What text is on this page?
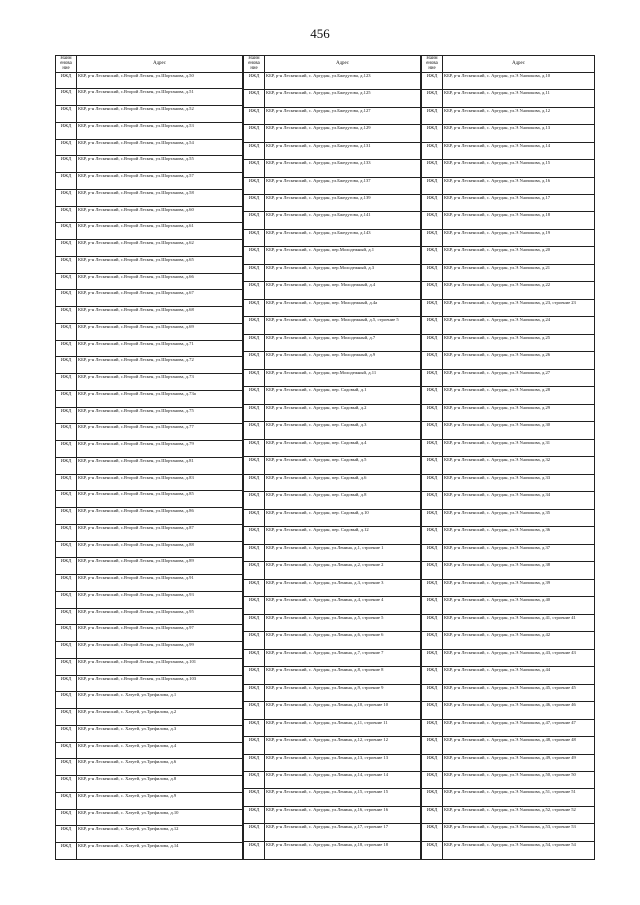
456
Наим енова ние	Адрес
ИЖД	КБР, р-н Лескенский, с.Второй Лескен, ул.Шортанова, д.50
ИЖД	КБР, р-н Лескенский, с.Второй Лескен, ул.Шортанова, д.51
ИЖД	КБР, р-н Лескенский, с.Второй Лескен, ул.Шортанова, д.52
ИЖД	КБР, р-н Лескенский, с.Второй Лескен, ул.Шортанова, д.53
ИЖД	КБР, р-н Лескенский, с.Второй Лескен, ул.Шортанова, д.54
ИЖД	КБР, р-н Лескенский, с.Второй Лескен, ул.Шортанова, д.55
ИЖД	КБР, р-н Лескенский, с.Второй Лескен, ул.Шортанова, д.57
ИЖД	КБР, р-н Лескенский, с.Второй Лескен, ул.Шортанова, д.58
ИЖД	КБР, р-н Лескенский, с.Второй Лескен, ул.Шортанова, д.60
ИЖД	КБР, р-н Лескенский, с.Второй Лескен, ул.Шортанова, д.61
ИЖД	КБР, р-н Лескенский, с.Второй Лескен, ул.Шортанова, д.62
ИЖД	КБР, р-н Лескенский, с.Второй Лескен, ул.Шортанова, д.65
ИЖД	КБР, р-н Лескенский, с.Второй Лескен, ул.Шортанова, д.66
ИЖД	КБР, р-н Лескенский, с.Второй Лескен, ул.Шортанова, д.67
ИЖД	КБР, р-н Лескенский, с.Второй Лескен, ул.Шортанова, д.68
ИЖД	КБР, р-н Лескенский, с.Второй Лескен, ул.Шортанова, д.69
ИЖД	КБР, р-н Лескенский, с.Второй Лескен, ул.Шортанова, д.71
ИЖД	КБР, р-н Лескенский, с.Второй Лескен, ул.Шортанова, д.72
ИЖД	КБР, р-н Лескенский, с.Второй Лескен, ул.Шортанова, д.73
ИЖД	КБР, р-н Лескенский, с.Второй Лескен, ул.Шортанова, д.73а
ИЖД	КБР, р-н Лескенский, с.Второй Лескен, ул.Шортанова, д.75
ИЖД	КБР, р-н Лескенский, с.Второй Лескен, ул.Шортанова, д.77
ИЖД	КБР, р-н Лескенский, с.Второй Лескен, ул.Шортанова, д.79
ИЖД	КБР, р-н Лескенский, с.Второй Лескен, ул.Шортанова, д.81
ИЖД	КБР, р-н Лескенский, с.Второй Лескен, ул.Шортанова, д.83
ИЖД	КБР, р-н Лескенский, с.Второй Лескен, ул.Шортанова, д.85
ИЖД	КБР, р-н Лескенский, с.Второй Лескен, ул.Шортанова, д.86
ИЖД	КБР, р-н Лескенский, с.Второй Лескен, ул.Шортанова, д.87
ИЖД	КБР, р-н Лескенский, с.Второй Лескен, ул.Шортанова, д.88
ИЖД	КБР, р-н Лескенский, с.Второй Лескен, ул.Шортанова, д.89
ИЖД	КБР, р-н Лескенский, с.Второй Лескен, ул.Шортанова, д.91
ИЖД	КБР, р-н Лескенский, с.Второй Лескен, ул.Шортанова, д.93
ИЖД	КБР, р-н Лескенский, с.Второй Лескен, ул.Шортанова, д.95
ИЖД	КБР, р-н Лескенский, с.Второй Лескен, ул.Шортанова, д.97
ИЖД	КБР, р-н Лескенский, с.Второй Лескен, ул.Шортанова, д.99
ИЖД	КБР, р-н Лескенский, с.Второй Лескен, ул.Шортанова, д.101
ИЖД	КБР, р-н Лескенский, с.Второй Лескен, ул.Шортанова, д.103
ИЖД	КБР, р-н Лескенский, с. Хатуей, ул.Трефилова, д.1
ИЖД	КБР, р-н Лескенский, с. Хатуей, ул.Трефилова, д.2
ИЖД	КБР, р-н Лескенский, с. Хатуей, ул.Трефилова, д.3
ИЖД	КБР, р-н Лескенский, с. Хатуей, ул.Трефилова, д.4
ИЖД	КБР, р-н Лескенский, с. Хатуей, ул.Трефилова, д.6
ИЖД	КБР, р-н Лескенский, с. Хатуей, ул.Трефилова, д.8
ИЖД	КБР, р-н Лескенский, с. Хатуей, ул.Трефилова, д.9
ИЖД	КБР, р-н Лескенский, с. Хатуей, ул.Трефилова, д.10
ИЖД	КБР, р-н Лескенский, с. Хатуей, ул.Трефилова, д.12
ИЖД	КБР, р-н Лескенский, с. Хатуей, ул.Трефилова, д.14
Наим енова ние	Адрес
ИЖД	КБР, р-н Лескенский, с. Аргудан, ул.Бжедугова, д.123
ИЖД	КБР, р-н Лескенский, с. Аргудан, ул.Бжедугова, д.125
ИЖД	КБР, р-н Лескенский, с. Аргудан, ул.Бжедугова, д.127
ИЖД	КБР, р-н Лескенский, с. Аргудан, ул.Бжедугова, д.129
ИЖД	КБР, р-н Лескенский, с. Аргудан, ул.Бжедугова, д.131
ИЖД	КБР, р-н Лескенский, с. Аргудан, ул.Бжедугова, д.133
ИЖД	КБР, р-н Лескенский, с. Аргудан, ул.Бжедугова, д.137
ИЖД	КБР, р-н Лескенский, с. Аргудан, ул.Бжедугова, д.139
ИЖД	КБР, р-н Лескенский, с. Аргудан, ул.Бжедугова, д.141
ИЖД	КБР, р-н Лескенский, с. Аргудан, ул.Бжедугова, д.143
ИЖД	КБР, р-н Лескенский, с. Аргудан, пер.Молодежный, д.1
ИЖД	КБР, р-н Лескенский, с. Аргудан, пер.Молодежный, д.3
ИЖД	КБР, р-н Лескенский, с. Аргудан, пер. Молодежный, д.4
ИЖД	КБР, р-н Лескенский, с. Аргудан, пер. Молодежный, д.4а
ИЖД	КБР, р-н Лескенский, с. Аргудан, пер. Молодежный, д.5, строение 5
ИЖД	КБР, р-н Лескенский, с. Аргудан, пер. Молодежный, д.7
ИЖД	КБР, р-н Лескенский, с. Аргудан, пер. Молодежный, д.9
ИЖД	КБР, р-н Лескенский, с. Аргудан, пер.Молодежный, д.11
ИЖД	КБР, р-н Лескенский, с. Аргудан, пер. Садовый, д.1
ИЖД	КБР, р-н Лескенский, с. Аргудан, пер. Садовый, д.2
ИЖД	КБР, р-н Лескенский, с. Аргудан, пер. Садовый, д.3
ИЖД	КБР, р-н Лескенский, с. Аргудан, пер. Садовый, д.4
ИЖД	КБР, р-н Лескенский, с. Аргудан, пер. Садовый, д.5
ИЖД	КБР, р-н Лескенский, с. Аргудан, пер. Садовый, д.6
ИЖД	КБР, р-н Лескенский, с. Аргудан, пер. Садовый, д.8
ИЖД	КБР, р-н Лескенский, с. Аргудан, пер. Садовый, д.10
ИЖД	КБР, р-н Лескенский, с. Аргудан, пер. Садовый, д.12
ИЖД	КБР, р-н Лескенский, с. Аргудан, ул.Ленина, д.1, строение 1
ИЖД	КБР, р-н Лескенский, с. Аргудан, ул.Ленина, д.2, строение 2
ИЖД	КБР, р-н Лескенский, с. Аргудан, ул.Ленина, д.3, строение 3
ИЖД	КБР, р-н Лескенский, с. Аргудан, ул.Ленина, д.4, строение 4
ИЖД	КБР, р-н Лескенский, с. Аргудан, ул.Ленина, д.5, строение 5
ИЖД	КБР, р-н Лескенский, с. Аргудан, ул.Ленина, д.6, строение 6
ИЖД	КБР, р-н Лескенский, с. Аргудан, ул.Ленина, д.7, строение 7
ИЖД	КБР, р-н Лескенский, с. Аргудан, ул.Ленина, д.8, строение 8
ИЖД	КБР, р-н Лескенский, с. Аргудан, ул.Ленина, д.9, строение 9
ИЖД	КБР, р-н Лескенский, с. Аргудан, ул.Ленина, д.10, строение 10
ИЖД	КБР, р-н Лескенский, с. Аргудан, ул.Ленина, д.11, строение 11
ИЖД	КБР, р-н Лескенский, с. Аргудан, ул.Ленина, д.12, строение 12
ИЖД	КБР, р-н Лескенский, с. Аргудан, ул.Ленина, д.13, строение 13
ИЖД	КБР, р-н Лескенский, с. Аргудан, ул.Ленина, д.14, строение 14
ИЖД	КБР, р-н Лескенский, с. Аргудан, ул.Ленина, д.15, строение 15
ИЖД	КБР, р-н Лескенский, с. Аргудан, ул.Ленина, д.16, строение 16
ИЖД	КБР, р-н Лескенский, с. Аргудан, ул.Ленина, д.17, строение 17
ИЖД	КБР, р-н Лескенский, с. Аргудан, ул.Ленина, д.18, строение 18
Наим енова ние	Адрес
ИЖД	КБР, р-н Лескенский, с. Аргудан, ул.Э.Уначокова, д.10
ИЖД	КБР, р-н Лескенский, с. Аргудан, ул.Э.Уначокова, д.11
ИЖД	КБР, р-н Лескенский, с. Аргудан, ул.Э.Уначокова, д.12
ИЖД	КБР, р-н Лескенский, с. Аргудан, ул.Э.Уначокова, д.13
ИЖД	КБР, р-н Лескенский, с. Аргудан, ул.Э.Уначокова, д.14
ИЖД	КБР, р-н Лескенский, с. Аргудан, ул.Э.Уначокова, д.15
ИЖД	КБР, р-н Лескенский, с. Аргудан, ул.Э.Уначокова, д.16
ИЖД	КБР, р-н Лескенский, с. Аргудан, ул.Э.Уначокова, д.17
ИЖД	КБР, р-н Лескенский, с. Аргудан, ул.Э.Уначокова, д.18
ИЖД	КБР, р-н Лескенский, с. Аргудан, ул.Э.Уначокова, д.19
ИЖД	КБР, р-н Лескенский, с. Аргудан, ул.Э.Уначокова, д.20
ИЖД	КБР, р-н Лескенский, с. Аргудан, ул.Э.Уначокова, д.21
ИЖД	КБР, р-н Лескенский, с. Аргудан, ул.Э.Уначокова, д.22
ИЖД	КБР, р-н Лескенский, с. Аргудан, ул.Э.Уначокова, д.23, строение 23
ИЖД	КБР, р-н Лескенский, с. Аргудан, ул.Э.Уначокова, д.24
ИЖД	КБР, р-н Лескенский, с. Аргудан, ул.Э.Уначокова, д.25
ИЖД	КБР, р-н Лескенский, с. Аргудан, ул.Э.Уначокова, д.26
ИЖД	КБР, р-н Лескенский, с. Аргудан, ул.Э.Уначокова, д.27
ИЖД	КБР, р-н Лескенский, с. Аргудан, ул.Э.Уначокова, д.28
ИЖД	КБР, р-н Лескенский, с. Аргудан, ул.Э.Уначокова, д.29
ИЖД	КБР, р-н Лескенский, с. Аргудан, ул.Э.Уначокова, д.30
ИЖД	КБР, р-н Лескенский, с. Аргудан, ул.Э.Уначокова, д.31
ИЖД	КБР, р-н Лескенский, с. Аргудан, ул.Э.Уначокова, д.32
ИЖД	КБР, р-н Лескенский, с. Аргудан, ул.Э.Уначокова, д.33
ИЖД	КБР, р-н Лескенский, с. Аргудан, ул.Э.Уначокова, д.34
ИЖД	КБР, р-н Лескенский, с. Аргудан, ул.Э.Уначокова, д.35
ИЖД	КБР, р-н Лескенский, с. Аргудан, ул.Э.Уначокова, д.36
ИЖД	КБР, р-н Лескенский, с. Аргудан, ул.Э.Уначокова, д.37
ИЖД	КБР, р-н Лескенский, с. Аргудан, ул.Э.Уначокова, д.38
ИЖД	КБР, р-н Лескенский, с. Аргудан, ул.Э.Уначокова, д.39
ИЖД	КБР, р-н Лескенский, с. Аргудан, ул.Э.Уначокова, д.40
ИЖД	КБР, р-н Лескенский, с. Аргудан, ул.Э.Уначокова, д.41, строение 41
ИЖД	КБР, р-н Лескенский, с. Аргудан, ул.Э.Уначокова, д.42
ИЖД	КБР, р-н Лескенский, с. Аргудан, ул.Э.Уначокова, д.43, строение 43
ИЖД	КБР, р-н Лескенский, с. Аргудан, ул.Э.Уначокова, д.44
ИЖД	КБР, р-н Лескенский, с. Аргудан, ул.Э.Уначокова, д.45, строение 45
ИЖД	КБР, р-н Лескенский, с. Аргудан, ул.Э.Уначокова, д.46, строение 46
ИЖД	КБР, р-н Лескенский, с. Аргудан, ул.Э.Уначокова, д.47, строение 47
ИЖД	КБР, р-н Лескенский, с. Аргудан, ул.Э.Уначокова, д.48, строение 48
ИЖД	КБР, р-н Лескенский, с. Аргудан, ул.Э.Уначокова, д.49, строение 49
ИЖД	КБР, р-н Лескенский, с. Аргудан, ул.Э.Уначокова, д.50, строение 50
ИЖД	КБР, р-н Лескенский, с. Аргудан, ул.Э.Уначокова, д.51, строение 51
ИЖД	КБР, р-н Лескенский, с. Аргудан, ул.Э.Уначокова, д.52, строение 52
ИЖД	КБР, р-н Лескенский, с. Аргудан, ул.Э.Уначокова, д.53, строение 53
ИЖД	КБР, р-н Лескенский, с. Аргудан, ул.Э.Уначокова, д.54, строение 54
